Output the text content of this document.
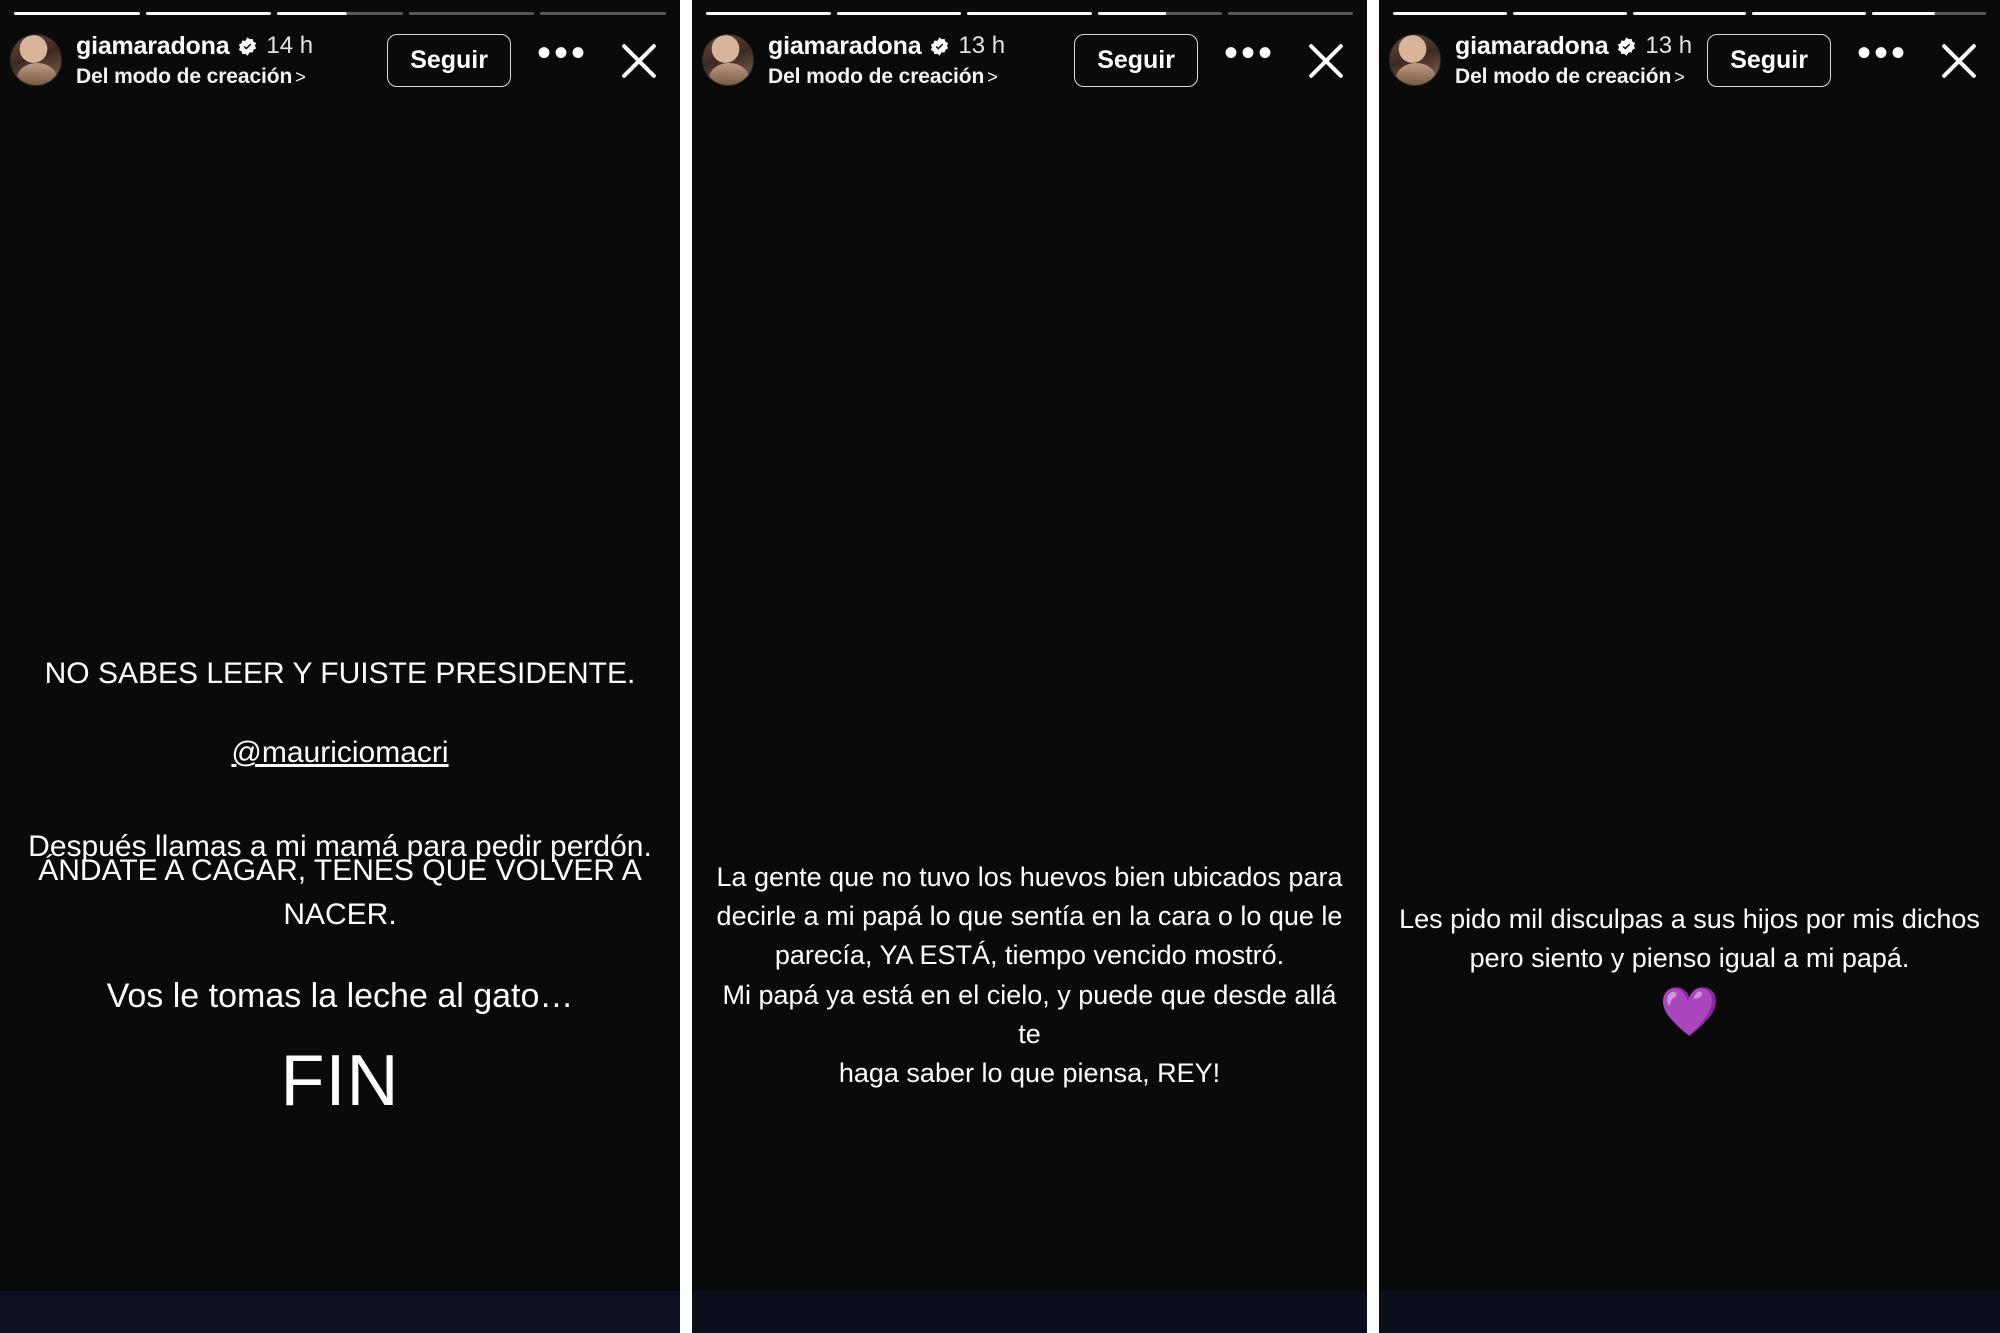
giamaradona 14 h
Del modo de creación >
Seguir	•••

NO SABES LEER Y FUISTE PRESIDENTE.

@mauriciomacri

Después llamas a mi mamá para pedir perdón.
ÁNDATE A CAGAR, TENES QUE VOLVER A NACER.
Vos le tomas la leche al gato…
FIN
giamaradona 13 h
Del modo de creación >
Seguir	•••
La gente que no tuvo los huevos bien ubicados para
decirle a mi papá lo que sentía en la cara o lo que le
parecía, YA ESTÁ, tiempo vencido mostró.
Mi papá ya está en el cielo, y puede que desde allá te
haga saber lo que piensa, REY!
giamaradona 13 h
Del modo de creación >
Seguir	•••
Les pido mil disculpas a sus hijos por mis dichos
pero siento y pienso igual a mi papá.
💜
